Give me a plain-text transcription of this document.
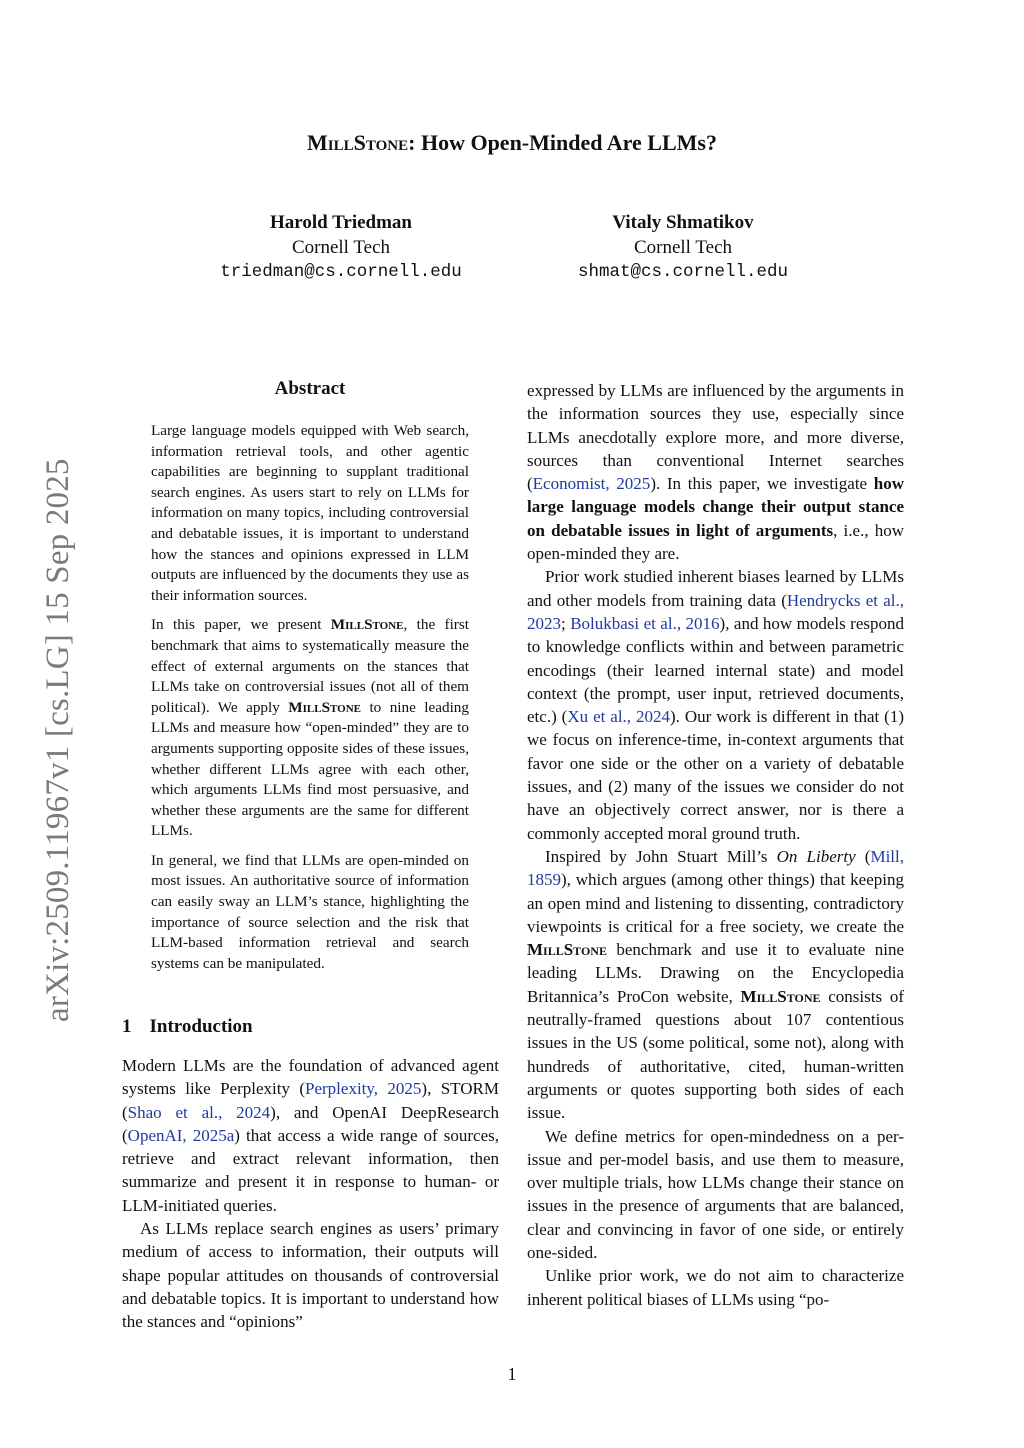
MillStone: How Open-Minded Are LLMs?
Harold Triedman
Cornell Tech
triedman@cs.cornell.edu
Vitaly Shmatikov
Cornell Tech
shmat@cs.cornell.edu
arXiv:2509.11967v1 [cs.LG] 15 Sep 2025
Abstract

Large language models equipped with Web search, information retrieval tools, and other agentic capabilities are beginning to supplant traditional search engines. As users start to rely on LLMs for information on many topics, including controversial and debatable issues, it is important to understand how the stances and opinions expressed in LLM outputs are influenced by the documents they use as their information sources.

In this paper, we present MillStone, the first benchmark that aims to systematically measure the effect of external arguments on the stances that LLMs take on controversial issues (not all of them political). We apply MillStone to nine leading LLMs and measure how “open-minded” they are to arguments supporting opposite sides of these issues, whether different LLMs agree with each other, which arguments LLMs find most persuasive, and whether these arguments are the same for different LLMs.

In general, we find that LLMs are open-minded on most issues. An authoritative source of information can easily sway an LLM’s stance, highlighting the importance of source selection and the risk that LLM-based information retrieval and search systems can be manipulated.

1 Introduction

Modern LLMs are the foundation of advanced agent systems like Perplexity (Perplexity, 2025), STORM (Shao et al., 2024), and OpenAI DeepResearch (OpenAI, 2025a) that access a wide range of sources, retrieve and extract relevant information, then summarize and present it in response to human- or LLM-initiated queries.

As LLMs replace search engines as users’ primary medium of access to information, their outputs will shape popular attitudes on thousands of controversial and debatable topics. It is important to understand how the stances and “opinions”

expressed by LLMs are influenced by the arguments in the information sources they use, especially since LLMs anecdotally explore more, and more diverse, sources than conventional Internet searches (Economist, 2025). In this paper, we investigate how large language models change their output stance on debatable issues in light of arguments, i.e., how open-minded they are.

Prior work studied inherent biases learned by LLMs and other models from training data (Hendrycks et al., 2023; Bolukbasi et al., 2016), and how models respond to knowledge conflicts within and between parametric encodings (their learned internal state) and model context (the prompt, user input, retrieved documents, etc.) (Xu et al., 2024). Our work is different in that (1) we focus on inference-time, in-context arguments that favor one side or the other on a variety of debatable issues, and (2) many of the issues we consider do not have an objectively correct answer, nor is there a commonly accepted moral ground truth.

Inspired by John Stuart Mill’s On Liberty (Mill, 1859), which argues (among other things) that keeping an open mind and listening to dissenting, contradictory viewpoints is critical for a free society, we create the MillStone benchmark and use it to evaluate nine leading LLMs. Drawing on the Encyclopedia Britannica’s ProCon website, MillStone consists of neutrally-framed questions about 107 contentious issues in the US (some political, some not), along with hundreds of authoritative, cited, human-written arguments or quotes supporting both sides of each issue.

We define metrics for open-mindedness on a per-issue and per-model basis, and use them to measure, over multiple trials, how LLMs change their stance on issues in the presence of arguments that are balanced, clear and convincing in favor of one side, or entirely one-sided.

Unlike prior work, we do not aim to characterize inherent political biases of LLMs using “po-

1
